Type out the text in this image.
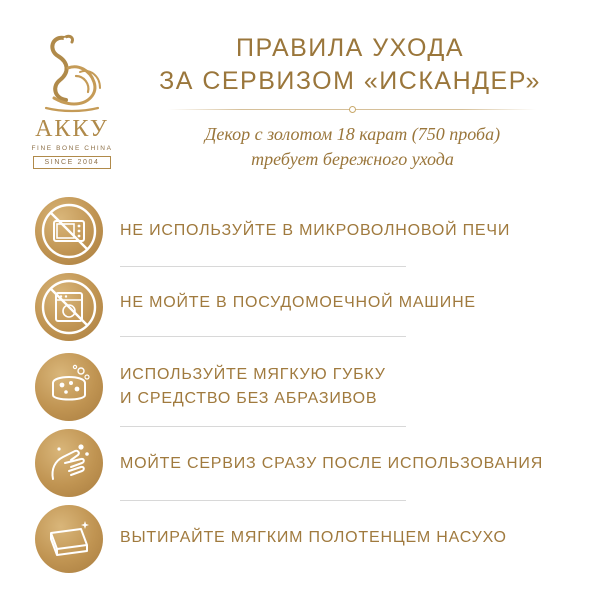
АККУ
FINE BONE CHINA
SINCE 2004
ПРАВИЛА УХОДА
ЗА СЕРВИЗОМ «ИСКАНДЕР»
Декор с золотом 18 карат (750 проба)
требует бережного ухода
НЕ ИСПОЛЬЗУЙТЕ В МИКРОВОЛНОВОЙ ПЕЧИ
НЕ МОЙТЕ В ПОСУДОМОЕЧНОЙ МАШИНЕ
ИСПОЛЬЗУЙТЕ МЯГКУЮ ГУБКУ
И СРЕДСТВО БЕЗ АБРАЗИВОВ
МОЙТЕ СЕРВИЗ СРАЗУ ПОСЛЕ ИСПОЛЬЗОВАНИЯ
ВЫТИРАЙТЕ МЯГКИМ ПОЛОТЕНЦЕМ НАСУХО
